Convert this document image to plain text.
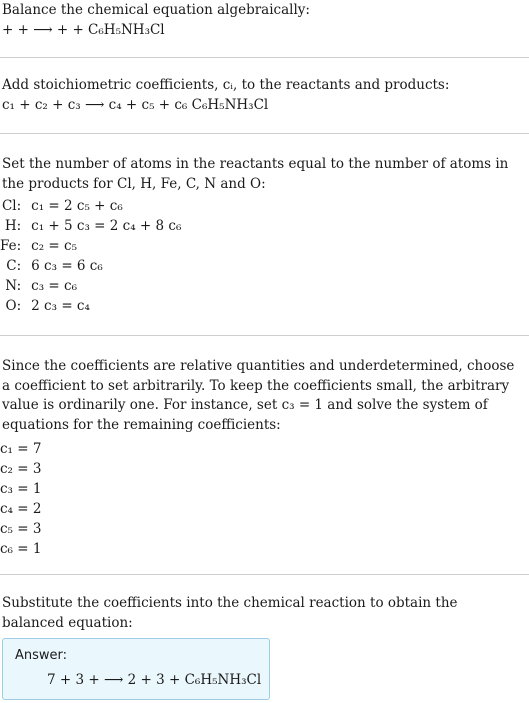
Balance the chemical equation algebraically:
+ + ⟶ + + C₆H₅NH₃Cl
Add stoichiometric coefficients, cᵢ, to the reactants and products:
c₁ + c₂ + c₃ ⟶ c₄ + c₅ + c₆ C₆H₅NH₃Cl

Set the number of atoms in the reactants equal to the number of atoms in the products for Cl, H, Fe, C, N and O:

Cl:	c₁ = 2 c₅ + c₆
H:	c₁ + 5 c₃ = 2 c₄ + 8 c₆
Fe:	c₂ = c₅
C:	6 c₃ = 6 c₆
N:	c₃ = c₆
O:	2 c₃ = c₄

Since the coefficients are relative quantities and underdetermined, choose a coefficient to set arbitrarily. To keep the coefficients small, the arbitrary value is ordinarily one. For instance, set c₃ = 1 and solve the system of equations for the remaining coefficients:

c₁ = 7
c₂ = 3
c₃ = 1
c₄ = 2
c₅ = 3
c₆ = 1

Substitute the coefficients into the chemical reaction to obtain the balanced equation:

Answer:
7 + 3 + ⟶ 2 + 3 + C₆H₅NH₃Cl
